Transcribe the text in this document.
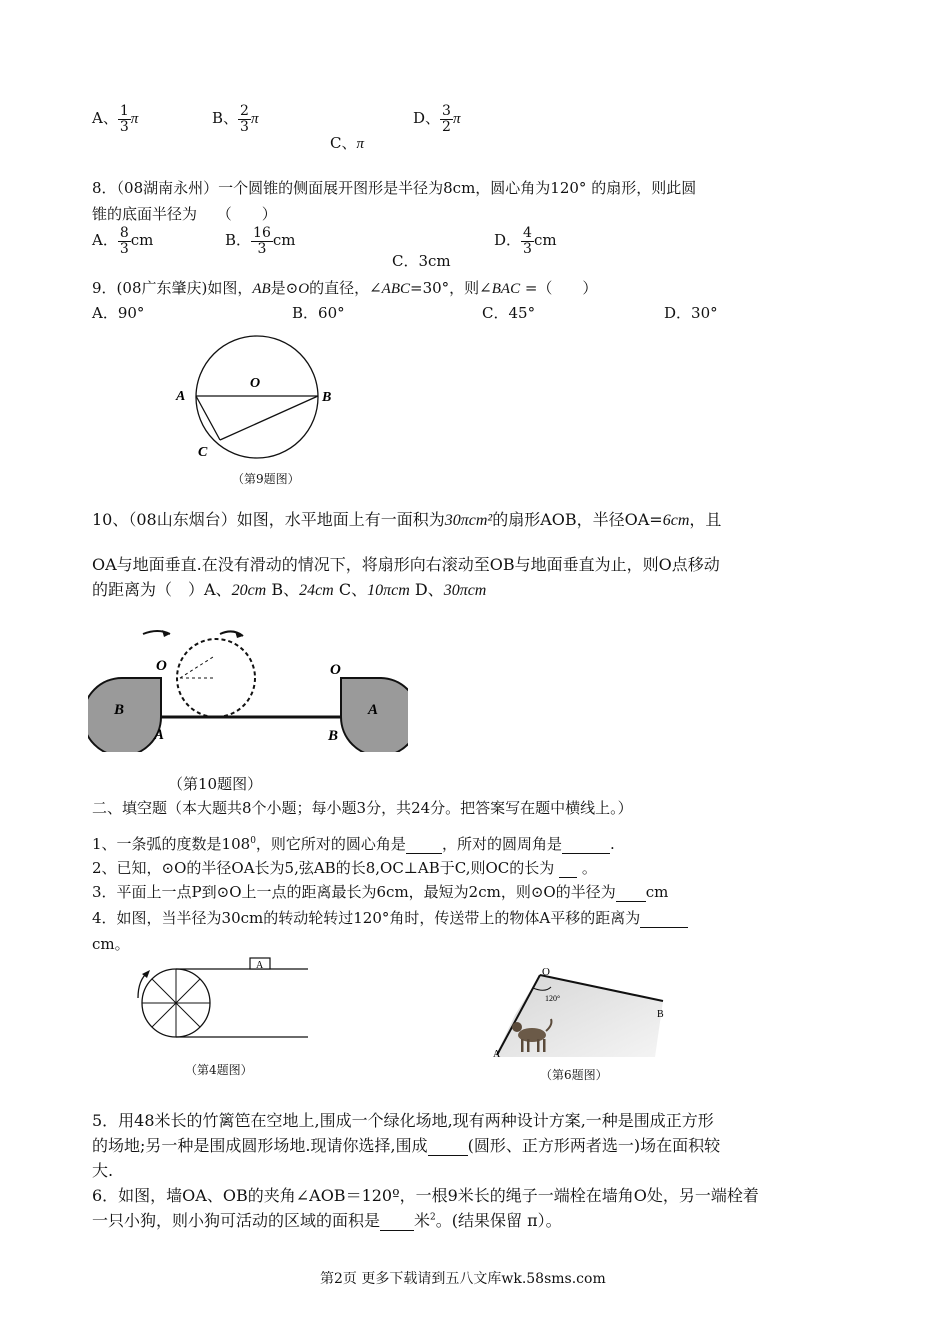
A、 $\frac{1}{3}$ π	B、 $\frac{2}{3}$ π
C、π
D、 $\frac{3}{2}$ π
8．（08湖南永州）一个圆锥的侧面展开图形是半径为8cm，圆心角为120° 的扇形，则此圆
锥的底面半径为　 （　　）
A． $\frac{8}{3}$ cm	B． $\frac{16}{3}$ cm
C．3cm
D． $\frac{4}{3}$ cm
9．(08广东肇庆)如图，AB是⊙O的直径，∠ABC=30°，则∠BAC =（　　）
A．90°	B．60°	C．45°	D．30°
A
O
B
C
（第9题图）
10、（08山东烟台）如图，水平地面上有一面积为30πcm²的扇形AOB，半径OA=6cm，且
OA与地面垂直.在没有滑动的情况下，将扇形向右滚动至OB与地面垂直为止，则O点移动
的距离为（　）A、20cm B、24cm C、10πcm D、30πcm
O
B
A
O
A
B
（第10题图）
二、填空题（本大题共8个小题；每小题3分，共24分。把答案写在题中横线上。）
1、一条弧的度数是$108^0$，则它所对的圆心角是 ，所对的圆周角是	.
2、已知，⊙O的半径OA长为5,弦AB的长8,OC⊥AB于C,则OC的长为 。
3．平面上一点P到⊙O上一点的距离最长为6cm，最短为2cm，则⊙O的半径为 cm
4．如图，当半径为30cm的转动轮转过120°角时，传送带上的物体A平移的距离为
cm。
A
（第4题图）
O
120°
A
B
（第6题图）
5．用48米长的竹篱笆在空地上,围成一个绿化场地,现有两种设计方案,一种是围成正方形
的场地;另一种是围成圆形场地.现请你选择,围成	(圆形、正方形两者选一)场在面积较
大.
6．如图，墙OA、OB的夹角∠AOB＝120º，一根9米长的绳子一端栓在墙角O处，另一端栓着
一只小狗，则小狗可活动的区域的面积是 米$^2$。(结果保留 π）。
第2页 更多下载请到五八文库wk.58sms.com
